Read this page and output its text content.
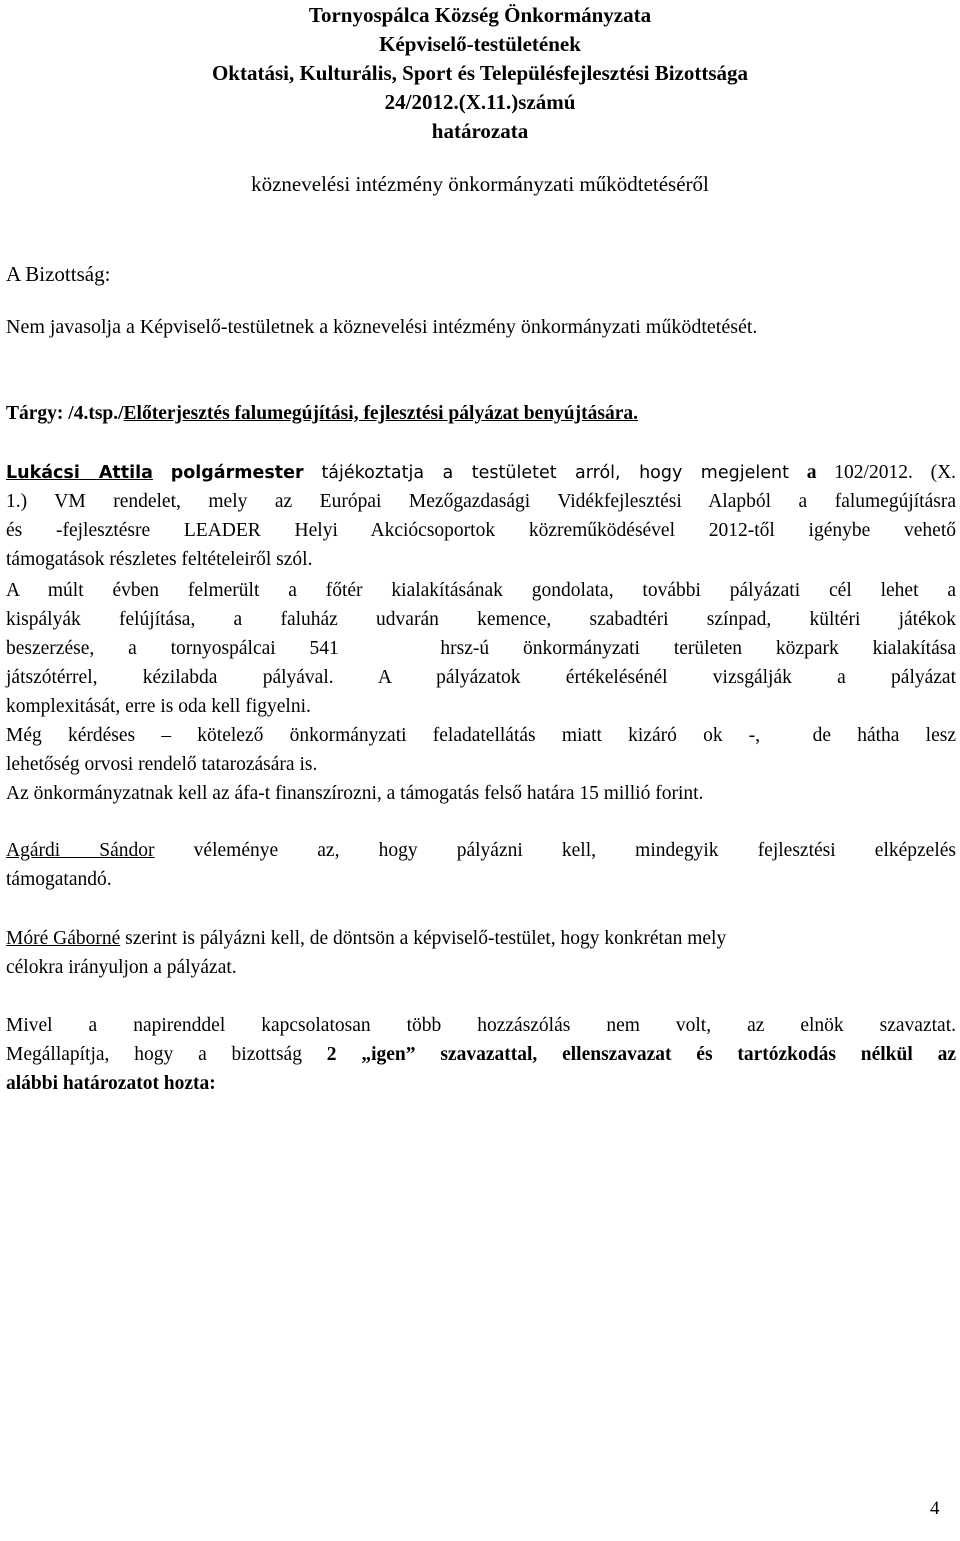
Tornyospálca Község Önkormányzata
Képviselő-testületének
Oktatási, Kulturális, Sport és Településfejlesztési Bizottsága
24/2012.(X.11.)számú
határozata
köznevelési intézmény önkormányzati működtetéséről
A Bizottság:
Nem javasolja a Képviselő-testületnek a köznevelési intézmény önkormányzati működtetését.
Tárgy: /4.tsp./Előterjesztés falumegújítási, fejlesztési pályázat benyújtására.
Lukácsi Attila polgármester tájékoztatja a testületet arról, hogy megjelent a 102/2012. (X.
1.) VM rendelet, mely az Európai Mezőgazdasági Vidékfejlesztési Alapból a falumegújításra
és -fejlesztésre LEADER Helyi Akciócsoportok közreműködésével 2012-től igénybe vehető
támogatások részletes feltételeiről szól.
A múlt évben felmerült a főtér kialakításának gondolata, további pályázati cél lehet a
kispályák felújítása, a faluház udvarán kemence, szabadtéri színpad, kültéri játékok
beszerzése, a tornyospálcai 541   hrsz-ú önkormányzati területen közpark kialakítása
játszótérrel, kézilabda pályával. A pályázatok értékelésénél vizsgálják a pályázat
komplexitását, erre is oda kell figyelni.
Még kérdéses – kötelező önkormányzati feladatellátás miatt kizáró ok -,  de hátha lesz
lehetőség orvosi rendelő tatarozására is.
Az önkormányzatnak kell az áfa-t finanszírozni, a támogatás felső határa 15 millió forint.
Agárdi Sándor véleménye az, hogy pályázni kell, mindegyik fejlesztési elképzelés
támogatandó.
Móré Gáborné szerint is pályázni kell, de döntsön a képviselő-testület, hogy konkrétan mely
célokra irányuljon a pályázat.
Mivel a napirenddel kapcsolatosan több hozzászólás nem volt, az elnök szavaztat.
Megállapítja, hogy a bizottság 2 „igen” szavazattal, ellenszavazat és tartózkodás nélkül az
alábbi határozatot hozta:
4
